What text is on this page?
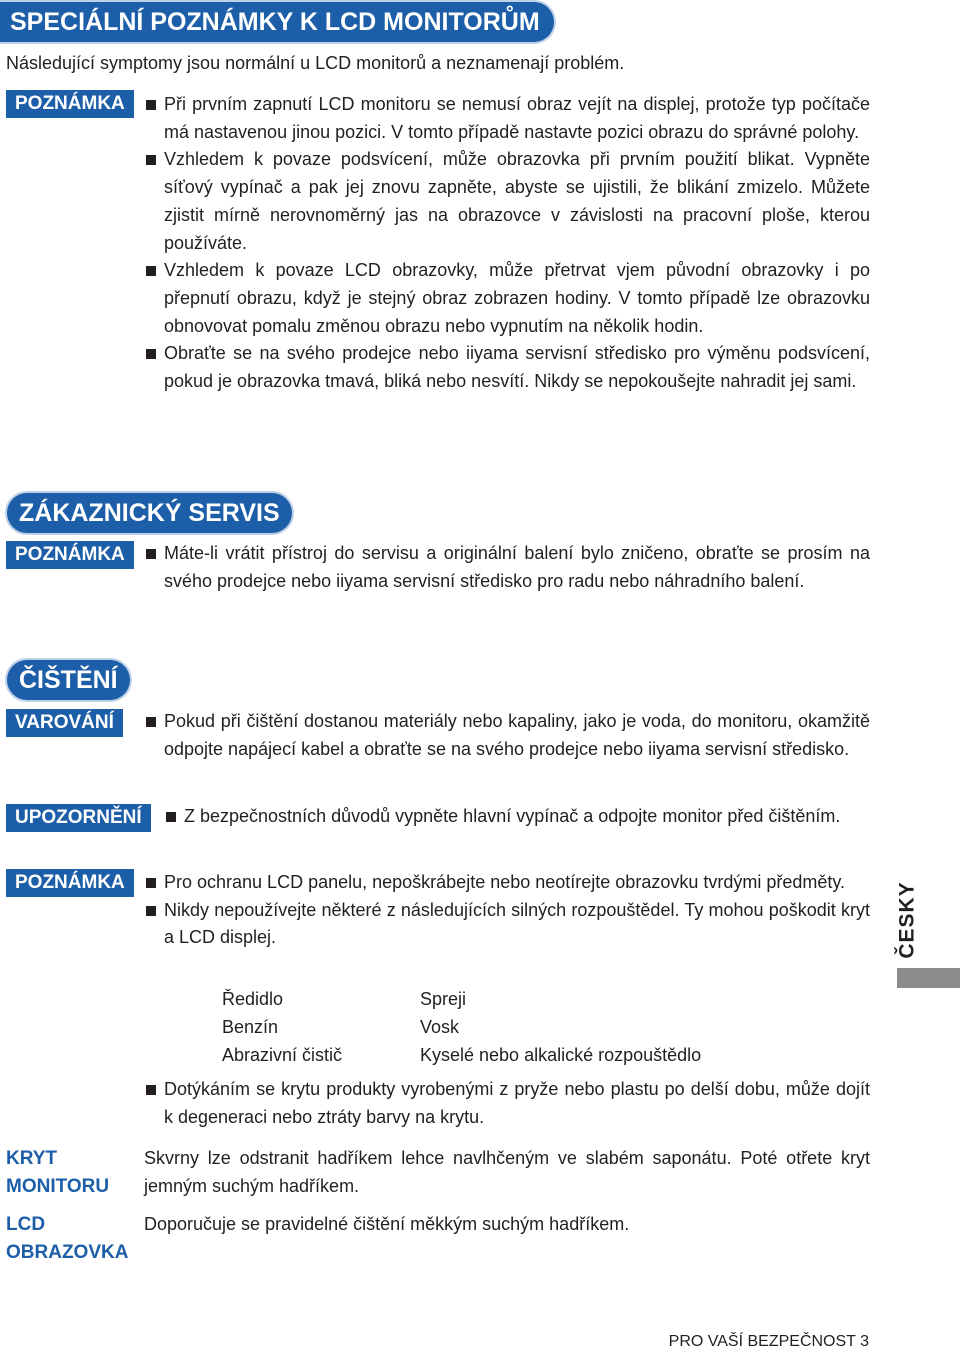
SPECIÁLNÍ POZNÁMKY K LCD MONITORŮM
Následující symptomy jsou normální u LCD monitorů a neznamenají problém.
POZNÁMKA	Při prvním zapnutí LCD monitoru se nemusí obraz vejít na displej, protože typ počítače má nastavenou jinou pozici. V tomto případě nastavte pozici obrazu do správné polohy.
Vzhledem k povaze podsvícení, může obrazovka při prvním použití blikat. Vypněte síťový vypínač a pak jej znovu zapněte, abyste se ujistili, že blikání zmizelo. Můžete zjistit mírně nerovnoměrný jas na obrazovce v závislosti na pracovní ploše, kterou používáte.
Vzhledem k povaze LCD obrazovky, může přetrvat vjem původní obrazovky i po přepnutí obrazu, když je stejný obraz zobrazen hodiny. V tomto případě lze obrazovku obnovovat pomalu změnou obrazu nebo vypnutím na několik hodin.
Obraťte se na svého prodejce nebo iiyama servisní středisko pro výměnu podsvícení, pokud je obrazovka tmavá, bliká nebo nesvítí. Nikdy se nepokoušejte nahradit jej sami.
ZÁKAZNICKÝ SERVIS
POZNÁMKA	Máte-li vrátit přístroj do servisu a originální balení bylo zničeno, obraťte se prosím na svého prodejce nebo iiyama servisní středisko pro radu nebo náhradního balení.
ČIŠTĚNÍ
VAROVÁNÍ	Pokud při čištění dostanou materiály nebo kapaliny, jako je voda, do monitoru, okamžitě odpojte napájecí kabel a obraťte se na svého prodejce nebo iiyama servisní středisko.
UPOZORNĚNÍ	Z bezpečnostních důvodů vypněte hlavní vypínač a odpojte monitor před čištěním.
POZNÁMKA	Pro ochranu LCD panelu, nepoškrábejte nebo neotírejte obrazovku tvrdými předměty.
Nikdy nepoužívejte některé z následujících silných rozpouštědel. Ty mohou poškodit kryt a LCD displej.
Ředidlo	Spreji
Benzín	Vosk
Abrazivní čistič	Kyselé nebo alkalické rozpouštědlo
Dotýkáním se krytu produkty vyrobenými z pryže nebo plastu po delší dobu, může dojít k degeneraci nebo ztráty barvy na krytu.
KRYT
MONITORU
Skvrny lze odstranit hadříkem lehce navlhčeným ve slabém saponátu. Poté otřete kryt jemným suchým hadříkem.
LCD
OBRAZOVKA
Doporučuje se pravidelné čištění měkkým suchým hadříkem.
ČESKY
PRO VAŠÍ BEZPEČNOST 3
